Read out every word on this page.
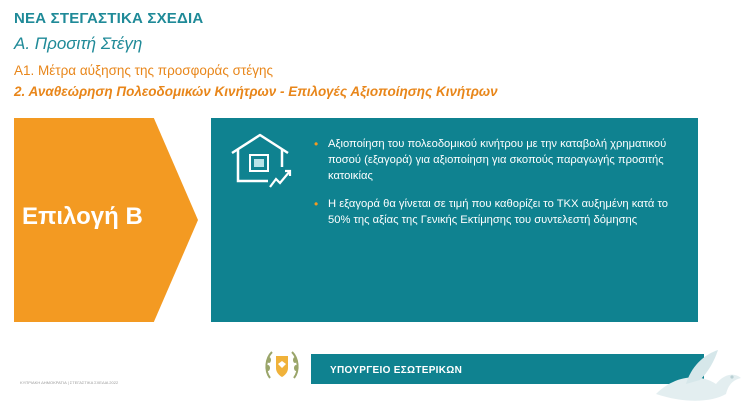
ΝΕΑ ΣΤΕΓΑΣΤΙΚΑ ΣΧΕΔΙΑ
Α. Προσιτή Στέγη
Α1. Μέτρα αύξησης της προσφοράς στέγης
2. Αναθεώρηση Πολεοδομικών Κινήτρων - Επιλογές Αξιοποίησης Κινήτρων
Επιλογή Β
• Αξιοποίηση του πολεοδομικού κινήτρου με την καταβολή χρηματικού ποσού (εξαγορά) για αξιοποίηση για σκοπούς παραγωγής προσιτής κατοικίας
• Η εξαγορά θα γίνεται σε τιμή που καθορίζει το ΤΚΧ αυξημένη κατά το 50% της αξίας της Γενικής Εκτίμησης του συντελεστή δόμησης
ΚΥΠΡΙΑΚΗ ΔΗΜΟΚΡΑΤΙΑ | ΣΤΕΓΑΣΤΙΚΑ ΣΧΕΔΙΑ 2022
ΥΠΟΥΡΓΕΙΟ ΕΣΩΤΕΡΙΚΩΝ
